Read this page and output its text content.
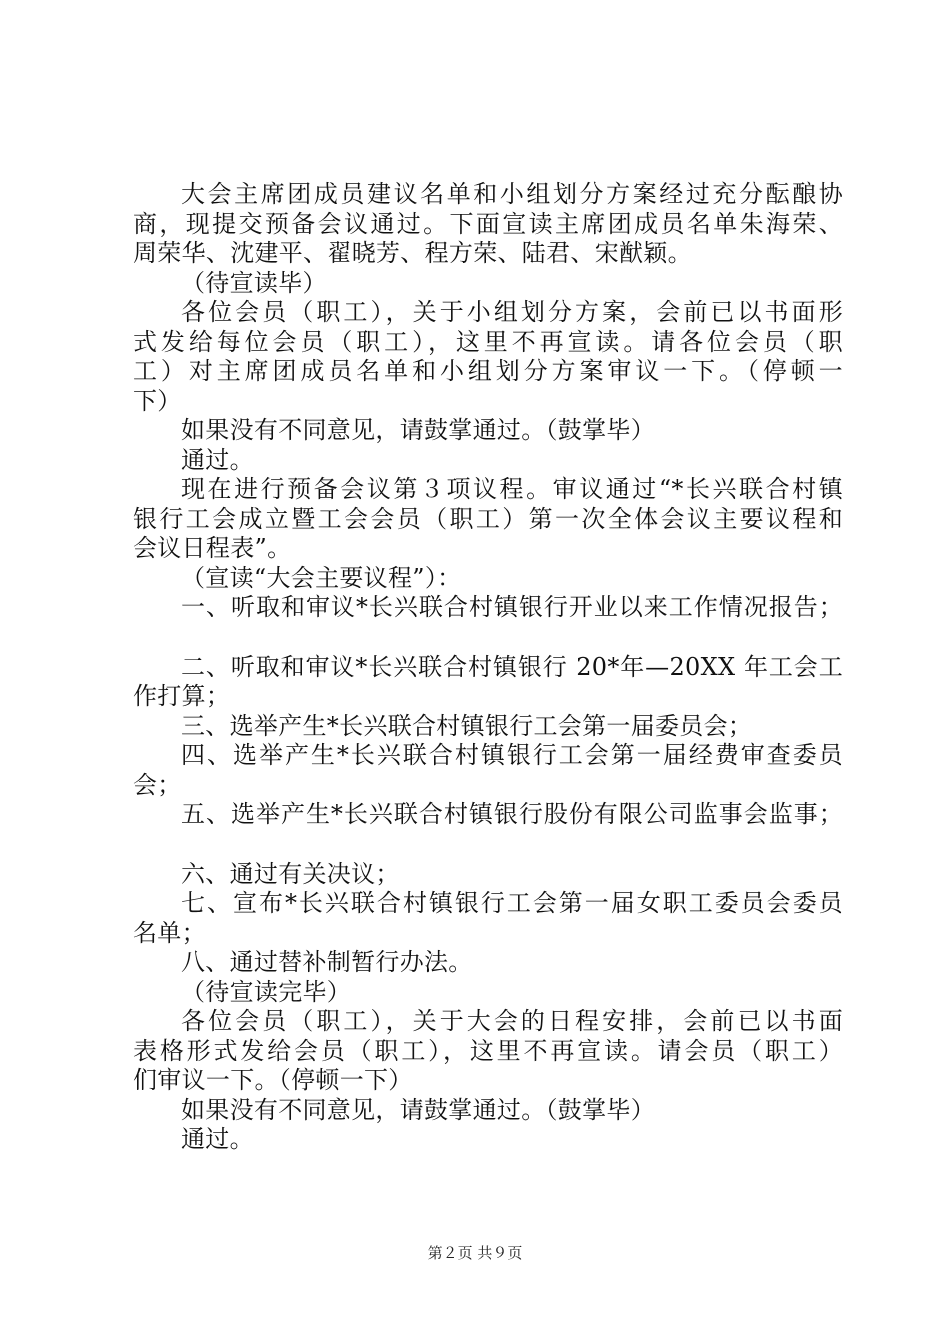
大会主席团成员建议名单和小组划分方案经过充分酝酿协
商，现提交预备会议通过。下面宣读主席团成员名单朱海荣、
周荣华、沈建平、翟晓芳、程方荣、陆君、宋猷颖。
（待宣读毕）
各位会员（职工），关于小组划分方案，会前已以书面形
式发给每位会员（职工），这里不再宣读。请各位会员（职
工）对主席团成员名单和小组划分方案审议一下。（停顿一
下）
如果没有不同意见，请鼓掌通过。（鼓掌毕）
通过。
现在进行预备会议第３项议程。审议通过“*长兴联合村镇
银行工会成立暨工会会员（职工）第一次全体会议主要议程和
会议日程表”。
（宣读“大会主要议程”）：
一、听取和审议*长兴联合村镇银行开业以来工作情况报告；
二、听取和审议*长兴联合村镇银行 20*年—20XX 年工会工
作打算；
三、选举产生*长兴联合村镇银行工会第一届委员会；
四、选举产生*长兴联合村镇银行工会第一届经费审查委员
会；
五、选举产生*长兴联合村镇银行股份有限公司监事会监事；
六、通过有关决议；
七、宣布*长兴联合村镇银行工会第一届女职工委员会委员
名单；
八、通过替补制暂行办法。
（待宣读完毕）
各位会员（职工），关于大会的日程安排，会前已以书面
表格形式发给会员（职工），这里不再宣读。请会员（职工）
们审议一下。（停顿一下）
如果没有不同意见，请鼓掌通过。（鼓掌毕）
通过。
第２页 共９页
